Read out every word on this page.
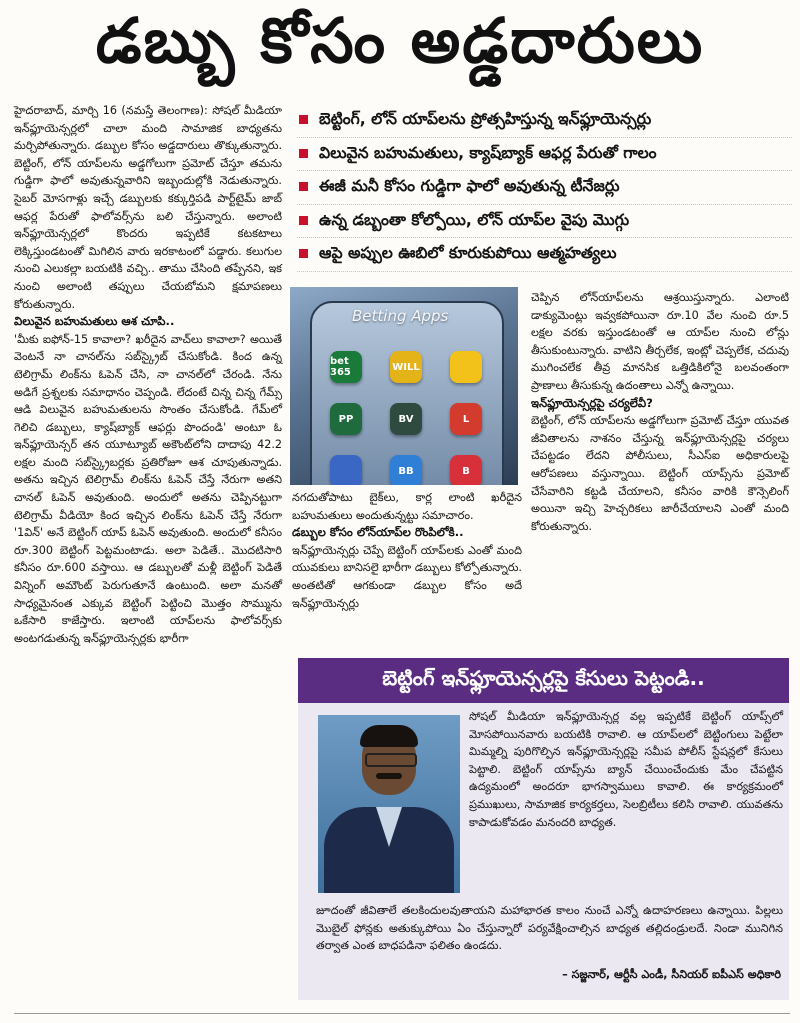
డబ్బు కోసం అడ్డదారులు

హైదరాబాద్, మార్చి 16 (నమస్తే తెలంగాణ): సోషల్ మీడియా ఇన్‌ఫ్లూయెన్సర్లలో చాలా మంది సామాజిక బాధ్యతను మర్చిపోతున్నారు. డబ్బుల కోసం అడ్డదారులు తొక్కుతున్నారు. బెట్టింగ్, లోన్ యాప్‌లను అడ్డగోలుగా ప్రమోట్ చేస్తూ తమను గుడ్డిగా ఫాలో అవుతున్నవారిని ఇబ్బందుల్లోకి నెడుతున్నారు. సైబర్ మోసగాళ్లు ఇచ్చే డబ్బులకు కక్కుర్తిపడి పార్ట్‌టైమ్ జాబ్ ఆఫర్ల పేరుతో ఫాలోవర్స్‌ను బలి చేస్తున్నారు. అలాంటి ఇన్‌ఫ్లూయెన్సర్లలో కొందరు ఇప్పటికే కటకటాలు లెక్కిస్తుండటంతో మిగిలిన వారు ఇరకాటంలో పడ్డారు. కలుగుల నుంచి ఎలుకల్లా బయటికి వచ్చి.. తాము చేసింది తప్పేనని, ఇక నుంచి అలాంటి తప్పులు చేయబోమని క్షమాపణలు కోరుతున్నారు.

విలువైన బహుమతులు ఆశ చూపి..

'మీకు ఐఫోన్-15 కావాలా? ఖరీదైన వాచ్‌లు కావాలా? అయితే వెంటనే నా చానల్‌ను సబ్‌స్క్రైబ్ చేసుకోండి. కింద ఉన్న టెలిగ్రామ్ లింక్‌ను ఓపెన్ చేసి, నా చానల్‌లో చేరండి. నేను అడిగే ప్రశ్నలకు సమాధానం చెప్పండి. లేదంటే చిన్న చిన్న గేమ్స్ ఆడి విలువైన బహుమతులను సొంతం చేసుకోండి. గేమ్‌లో గెలిచి డబ్బులు, క్యాష్‌బ్యాక్ ఆఫర్లు పొందండి' అంటూ ఓ ఇన్‌ఫ్లూయెన్సర్ తన యూట్యూబ్ అకౌంట్‌లోని దాదాపు 42.2 లక్షల మంది సబ్‌స్క్రైబర్లకు ప్రతిరోజూ ఆశ చూపుతున్నాడు. అతను ఇచ్చిన టెలిగ్రామ్ లింక్‌ను ఓపెన్ చేస్తే నేరుగా అతని చానల్ ఓపెన్ అవుతుంది. అందులో అతను చెప్పినట్టుగా టెలిగ్రామ్ వీడియో కింద ఇచ్చిన లింక్‌ను ఓపెన్ చేస్తే నేరుగా '1విన్' అనే బెట్టింగ్ యాప్ ఓపెన్ అవుతుంది. అందులో కనీసం రూ.300 బెట్టింగ్ పెట్టమంటాడు. అలా పెడితే.. మొదటిసారి కనీసం రూ.600 వస్తాయి. ఆ డబ్బులతో మళ్లీ బెట్టింగ్ పెడితే విన్నింగ్ అమౌంట్ పెరుగుతూనే ఉంటుంది. అలా మనతో సాధ్యమైనంత ఎక్కువ బెట్టింగ్ పెట్టించి మొత్తం సొమ్మును ఒకేసారి కాజేస్తారు. ఇలాంటి యాప్‌లను ఫాలోవర్స్‌కు అంటగడుతున్న ఇన్‌ఫ్లూయెన్సర్లకు భారీగా

బెట్టింగ్, లోన్ యాప్‌లను ప్రోత్సహిస్తున్న ఇన్‌ఫ్లూయెన్సర్లు
విలువైన బహుమతులు, క్యాష్‌బ్యాక్ ఆఫర్ల పేరుతో గాలం
ఈజీ మనీ కోసం గుడ్డిగా ఫాలో అవుతున్న టీనేజర్లు
ఉన్న డబ్బంతా కోల్పోయి, లోన్ యాప్‌ల వైపు మొగ్గు
ఆపై అప్పుల ఊబిలో కూరుకుపోయి ఆత్మహత్యలు
Betting Apps
bet 365	WILL
PP	BV	L
BB	B

నగదుతోపాటు బైక్‌లు, కార్ల లాంటి ఖరీదైన బహుమతులు అందుతున్నట్టు సమాచారం.

డబ్బుల కోసం లోన్‌యాప్‌ల రొంపిలోకి..

ఇన్‌ఫ్లూయెన్సర్లు చెప్పే బెట్టింగ్ యాప్‌లకు ఎంతో మంది యువకులు బానిసలై భారీగా డబ్బులు కోల్పోతున్నారు. అంతటితో ఆగకుండా డబ్బుల కోసం అదే ఇన్‌ఫ్లూయెన్సర్లు

చెప్పిన లోన్‌యాప్‌లను ఆశ్రయిస్తున్నారు. ఎలాంటి డాక్యుమెంట్లు ఇవ్వకపోయినా రూ.10 వేల నుంచి రూ.5 లక్షల వరకు ఇస్తుండటంతో ఆ యాప్‌ల నుంచి లోన్లు తీసుకుంటున్నారు. వాటిని తీర్చలేక, ఇంట్లో చెప్పలేక, చదువు ముగించలేక తీవ్ర మానసిక ఒత్తిడికిలోనై బలవంతంగా ప్రాణాలు తీసుకున్న ఉదంతాలు ఎన్నో ఉన్నాయి.

ఇన్‌ఫ్లూయెన్సర్లపై చర్యలేవీ?

బెట్టింగ్, లోన్ యాప్‌లను అడ్డగోలుగా ప్రమోట్ చేస్తూ యువత జీవితాలను నాశనం చేస్తున్న ఇన్‌ఫ్లూయెన్సర్లపై చర్యలు చేపట్టడం లేదని పోలీసులు, సీఎస్‌ఐ అధికారులపై ఆరోపణలు వస్తున్నాయి. బెట్టింగ్ యాప్స్‌ను ప్రమోట్ చేసేవారిని కట్టడి చేయాలని, కనీసం వారికి కౌన్సెలింగ్ అయినా ఇచ్చి హెచ్చరికలు జారీచేయాలని ఎంతో మంది కోరుతున్నారు.

బెట్టింగ్ ఇన్‌ఫ్లూయెన్సర్లపై కేసులు పెట్టండి..

సోషల్ మీడియా ఇన్‌ఫ్లూయెన్సర్ల వల్ల ఇప్పటికే బెట్టింగ్ యాప్స్‌లో మోసపోయినవారు బయటికి రావాలి. ఆ యాప్‌లలో బెట్టింగులు పెట్టేలా మిమ్మల్ని పురిగొల్పిన ఇన్‌ఫ్లూయెన్సర్లపై సమీప పోలీస్ స్టేషన్లలో కేసులు పెట్టాలి. బెట్టింగ్ యాప్స్‌ను బ్యాన్ చేయించేందుకు మేం చేపట్టిన ఉద్యమంలో అందరూ భాగస్వాములు కావాలి. ఈ కార్యక్రమంలో ప్రముఖులు, సామాజిక కార్యకర్తలు, సెలబ్రిటీలు కలిసి రావాలి. యువతను కాపాడుకోవడం మనందరి బాధ్యత.

జూదంతో జీవితాలే తలకిందులవుతాయని మహాభారత కాలం నుంచే ఎన్నో ఉదాహరణలు ఉన్నాయి. పిల్లలు మొబైల్ ఫోన్లకు అతుక్కుపోయి ఏం చేస్తున్నారో పర్యవేక్షించాల్సిన బాధ్యత తల్లిదండ్రులదే. నిండా మునిగిన తర్వాత ఎంత బాధపడినా ఫలితం ఉండదు.

– సజ్జనార్, ఆర్టీసీ ఎండీ, సీనియర్ ఐపీఎస్ అధికారి
